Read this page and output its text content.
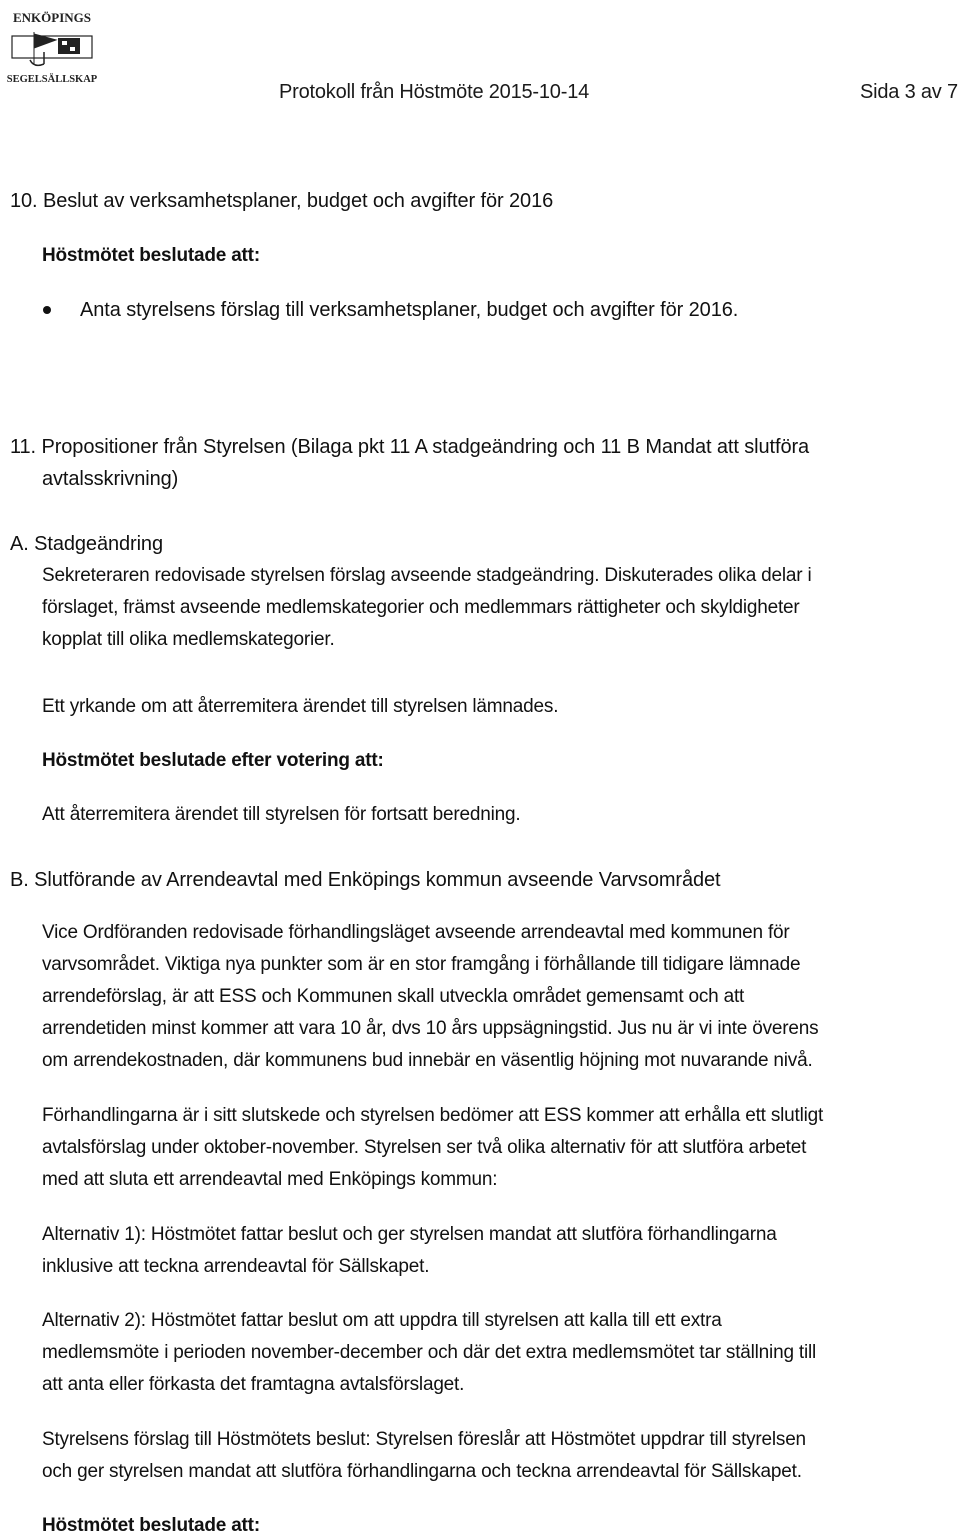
ENKÖPINGS
SEGELSÄLLSKAP
Protokoll från Höstmöte 2015-10-14	Sida 3 av 7
10. Beslut av verksamhetsplaner, budget och avgifter för 2016
Höstmötet beslutade att:
Anta styrelsens förslag till verksamhetsplaner, budget och avgifter för 2016.
11. Propositioner från Styrelsen (Bilaga pkt 11 A stadgeändring och 11 B Mandat att slutföra
avtalsskrivning)
A. Stadgeändring
Sekreteraren redovisade styrelsen förslag avseende stadgeändring. Diskuterades olika delar i
förslaget, främst avseende medlemskategorier och medlemmars rättigheter och skyldigheter
kopplat till olika medlemskategorier.
Ett yrkande om att återremitera ärendet till styrelsen lämnades.
Höstmötet beslutade efter votering att:
Att återremitera ärendet till styrelsen för fortsatt beredning.
B. Slutförande av Arrendeavtal med Enköpings kommun avseende Varvsområdet
Vice Ordföranden redovisade förhandlingsläget avseende arrendeavtal med kommunen för
varvsområdet. Viktiga nya punkter som är en stor framgång i förhållande till tidigare lämnade
arrendeförslag, är att ESS och Kommunen skall utveckla området gemensamt och att
arrendetiden minst kommer att vara 10 år, dvs 10 års uppsägningstid. Jus nu är vi inte överens
om arrendekostnaden, där kommunens bud innebär en väsentlig höjning mot nuvarande nivå.
Förhandlingarna är i sitt slutskede och styrelsen bedömer att ESS kommer att erhålla ett slutligt
avtalsförslag under oktober-november. Styrelsen ser två olika alternativ för att slutföra arbetet
med att sluta ett arrendeavtal med Enköpings kommun:
Alternativ 1): Höstmötet fattar beslut och ger styrelsen mandat att slutföra förhandlingarna
inklusive att teckna arrendeavtal för Sällskapet.
Alternativ 2): Höstmötet fattar beslut om att uppdra till styrelsen att kalla till ett extra
medlemsmöte i perioden november-december och där det extra medlemsmötet tar ställning till
att anta eller förkasta det framtagna avtalsförslaget.
Styrelsens förslag till Höstmötets beslut: Styrelsen föreslår att Höstmötet uppdrar till styrelsen
och ger styrelsen mandat att slutföra förhandlingarna och teckna arrendeavtal för Sällskapet.
Höstmötet beslutade att:
